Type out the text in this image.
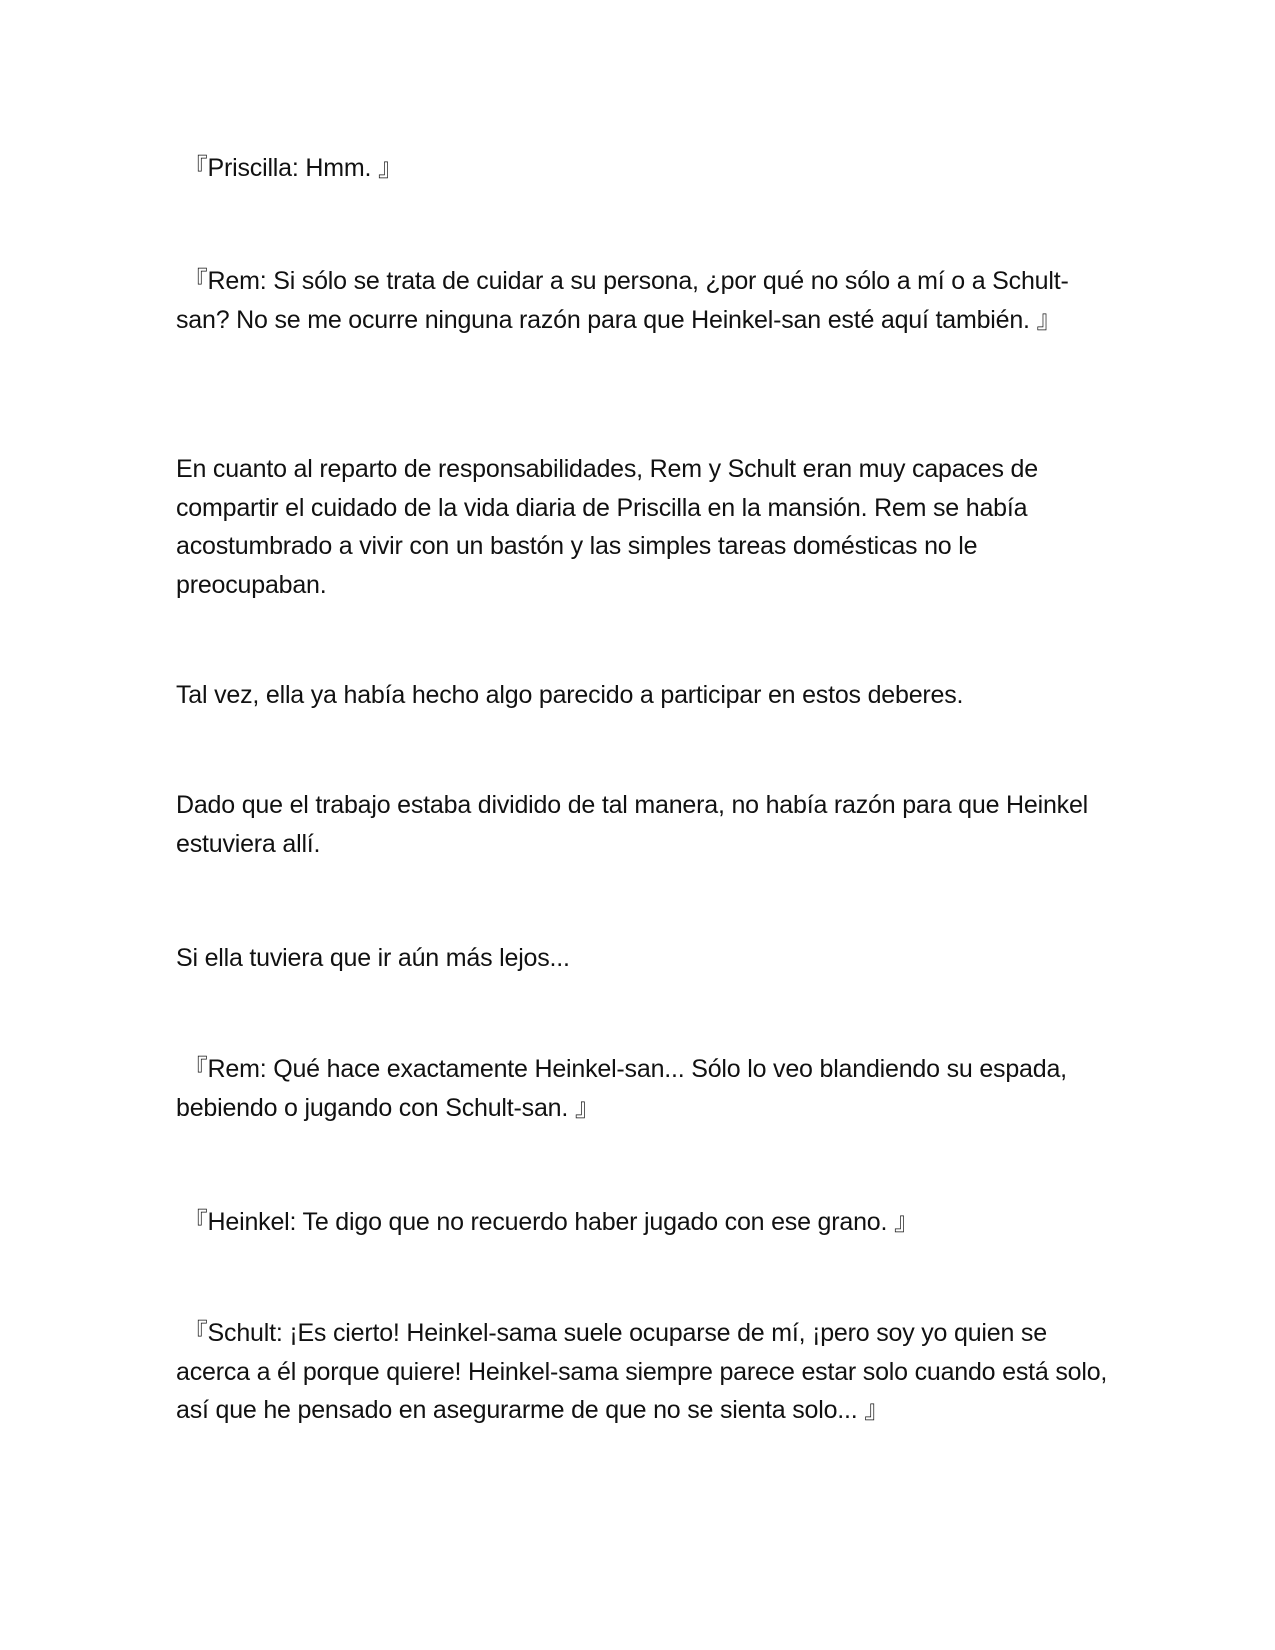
『Priscilla: Hmm. 』

『Rem: Si sólo se trata de cuidar a su persona, ¿por qué no sólo a mí o a Schult-san? No se me ocurre ninguna razón para que Heinkel-san esté aquí también. 』

En cuanto al reparto de responsabilidades, Rem y Schult eran muy capaces de compartir el cuidado de la vida diaria de Priscilla en la mansión. Rem se había acostumbrado a vivir con un bastón y las simples tareas domésticas no le preocupaban.

Tal vez, ella ya había hecho algo parecido a participar en estos deberes.

Dado que el trabajo estaba dividido de tal manera, no había razón para que Heinkel estuviera allí.

Si ella tuviera que ir aún más lejos...

『Rem: Qué hace exactamente Heinkel-san... Sólo lo veo blandiendo su espada, bebiendo o jugando con Schult-san. 』

『Heinkel: Te digo que no recuerdo haber jugado con ese grano. 』

『Schult: ¡Es cierto! Heinkel-sama suele ocuparse de mí, ¡pero soy yo quien se acerca a él porque quiere! Heinkel-sama siempre parece estar solo cuando está solo, así que he pensado en asegurarme de que no se sienta solo... 』
